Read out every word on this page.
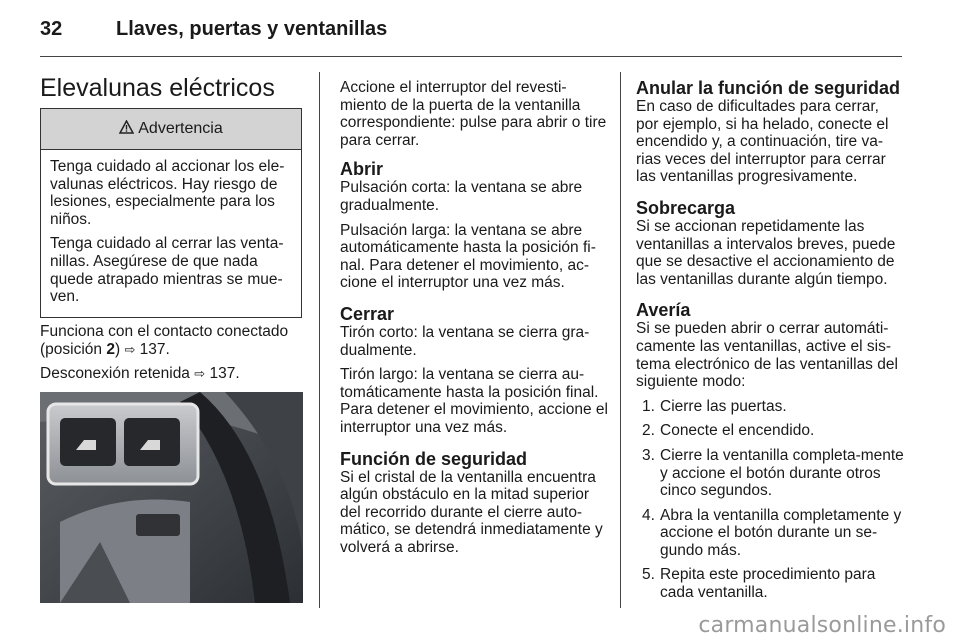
32	Llaves, puertas y ventanillas
Elevalunas eléctricos
Advertencia

Tenga cuidado al accionar los ele-valunas eléctricos. Hay riesgo de lesiones, especialmente para los niños.

Tenga cuidado al cerrar las venta-nillas. Asegúrese de que nada quede atrapado mientras se mue-ven.

Funciona con el contacto conectado (posición 2) ⇨ 137.

Desconexión retenida ⇨ 137.

Accione el interruptor del revesti-miento de la puerta de la ventanilla correspondiente: pulse para abrir o tire para cerrar.

Abrir

Pulsación corta: la ventana se abre gradualmente.

Pulsación larga: la ventana se abre automáticamente hasta la posición fi-nal. Para detener el movimiento, ac-cione el interruptor una vez más.

Cerrar

Tirón corto: la ventana se cierra gra-dualmente.

Tirón largo: la ventana se cierra au-tomáticamente hasta la posición final. Para detener el movimiento, accione el interruptor una vez más.

Función de seguridad

Si el cristal de la ventanilla encuentra algún obstáculo en la mitad superior del recorrido durante el cierre auto-mático, se detendrá inmediatamente y volverá a abrirse.

Anular la función de seguridad

En caso de dificultades para cerrar, por ejemplo, si ha helado, conecte el encendido y, a continuación, tire va-rias veces del interruptor para cerrar las ventanillas progresivamente.

Sobrecarga

Si se accionan repetidamente las ventanillas a intervalos breves, puede que se desactive el accionamiento de las ventanillas durante algún tiempo.

Avería

Si se pueden abrir o cerrar automáti-camente las ventanillas, active el sis-tema electrónico de las ventanillas del siguiente modo:

1. Cierre las puertas.
2. Conecte el encendido.
3. Cierre la ventanilla completa-mente y accione el botón durante otros cinco segundos.
4. Abra la ventanilla completamente y accione el botón durante un se-gundo más.
5. Repita este procedimiento para cada ventanilla.
carmanualsonline.info
